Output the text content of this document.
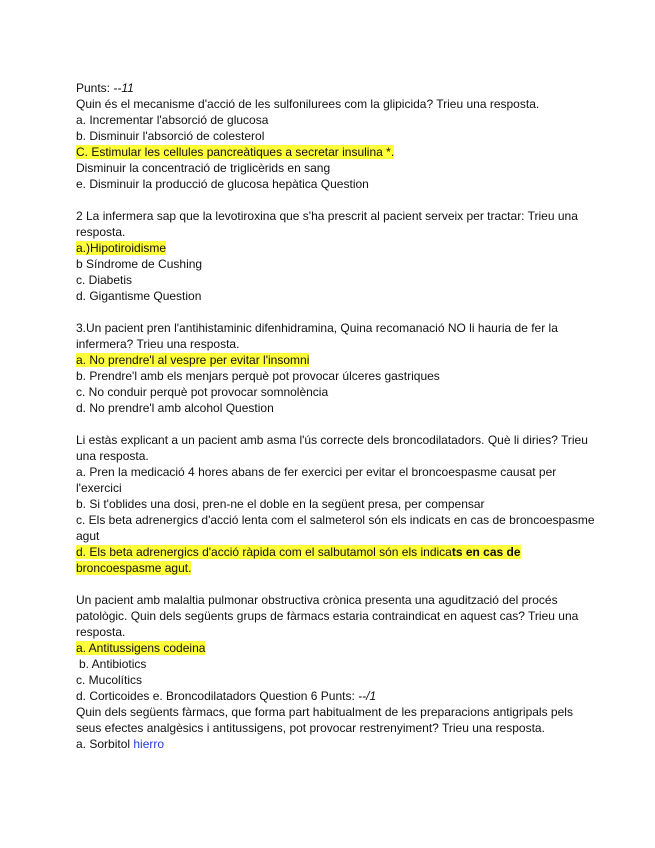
Punts: --11
Quin és el mecanisme d'acció de les sulfonilurees com la glipicida? Trieu una resposta.
a. Incrementar l'absorció de glucosa
b. Disminuir l'absorció de colesterol
C. Estimular les cellules pancreàtiques a secretar insulina *.
Disminuir la concentració de triglicèrids en sang
e. Disminuir la producció de glucosa hepàtica Question
2 La infermera sap que la levotiroxina que s'ha prescrit al pacient serveix per tractar: Trieu una resposta.
a.)Hipotiroidisme
b Síndrome de Cushing
c. Diabetis
d. Gigantisme Question
3.Un pacient pren l'antihistaminic difenhidramina, Quina recomanació NO li hauria de fer la infermera? Trieu una resposta.
a. No prendre'l al vespre per evitar l'insomni
b. Prendre'l amb els menjars perquè pot provocar úlceres gastriques
c. No conduir perquè pot provocar somnolència
d. No prendre'l amb alcohol Question
Li estàs explicant a un pacient amb asma l'ús correcte dels broncodilatadors. Què li diries? Trieu una resposta.
a. Pren la medicació 4 hores abans de fer exercici per evitar el broncoespasme causat per l'exercici
b. Si t'oblides una dosi, pren-ne el doble en la següent presa, per compensar
c. Els beta adrenergics d'acció lenta com el salmeterol són els indicats en cas de broncoespasme agut
d. Els beta adrenergics d'acció ràpida com el salbutamol són els indicats en cas de
broncoespasme agut.
Un pacient amb malaltia pulmonar obstructiva crònica presenta una agudització del procés patològic. Quin dels següents grups de fàrmacs estaria contraindicat en aquest cas? Trieu una resposta.
a. Antitussigens codeina
b. Antibiotics
c. Mucolítics
d. Corticoides e. Broncodilatadors Question 6 Punts: --/1
Quin dels següents fàrmacs, que forma part habitualment de les preparacions antigripals pels seus efectes analgèsics i antitussigens, pot provocar restrenyiment? Trieu una resposta.
a. Sorbitol hierro
